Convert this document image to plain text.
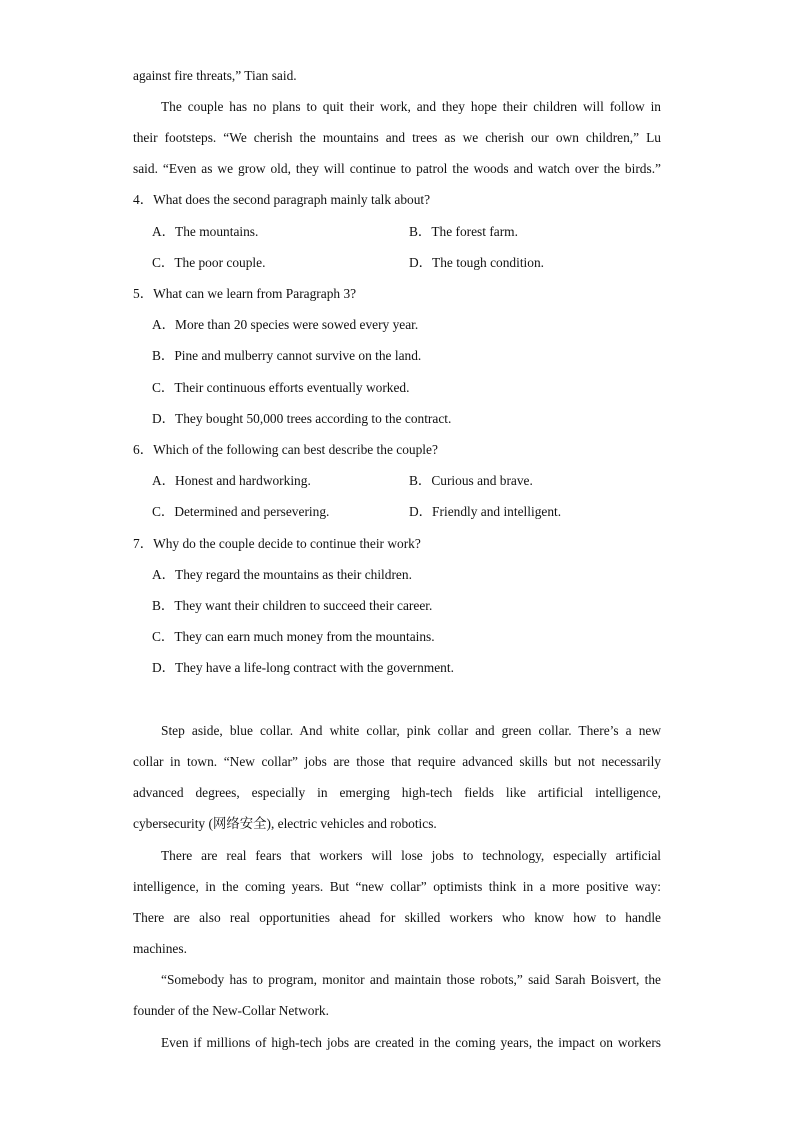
against fire threats,” Tian said.
The couple has no plans to quit their work, and they hope their children will follow in
their footsteps. “We cherish the mountains and trees as we cherish our own children,” Lu
said. “Even as we grow old, they will continue to patrol the woods and watch over the birds.”
4．What does the second paragraph mainly talk about?
A．The mountains.	B．The forest farm.
C．The poor couple.	D．The tough condition.
5．What can we learn from Paragraph 3?
A．More than 20 species were sowed every year.
B．Pine and mulberry cannot survive on the land.
C．Their continuous efforts eventually worked.
D．They bought 50,000 trees according to the contract.
6．Which of the following can best describe the couple?
A．Honest and hardworking.	B．Curious and brave.
C．Determined and persevering.	D．Friendly and intelligent.
7．Why do the couple decide to continue their work?
A．They regard the mountains as their children.
B．They want their children to succeed their career.
C．They can earn much money from the mountains.
D．They have a life-long contract with the government.
Step aside, blue collar. And white collar, pink collar and green collar. There’s a new
collar in town. “New collar” jobs are those that require advanced skills but not necessarily
advanced degrees, especially in emerging high-tech fields like artificial intelligence,
cybersecurity (网络安全), electric vehicles and robotics.
There are real fears that workers will lose jobs to technology, especially artificial
intelligence, in the coming years. But “new collar” optimists think in a more positive way:
There are also real opportunities ahead for skilled workers who know how to handle
machines.
“Somebody has to program, monitor and maintain those robots,” said Sarah Boisvert, the
founder of the New-Collar Network.
Even if millions of high-tech jobs are created in the coming years, the impact on workers
